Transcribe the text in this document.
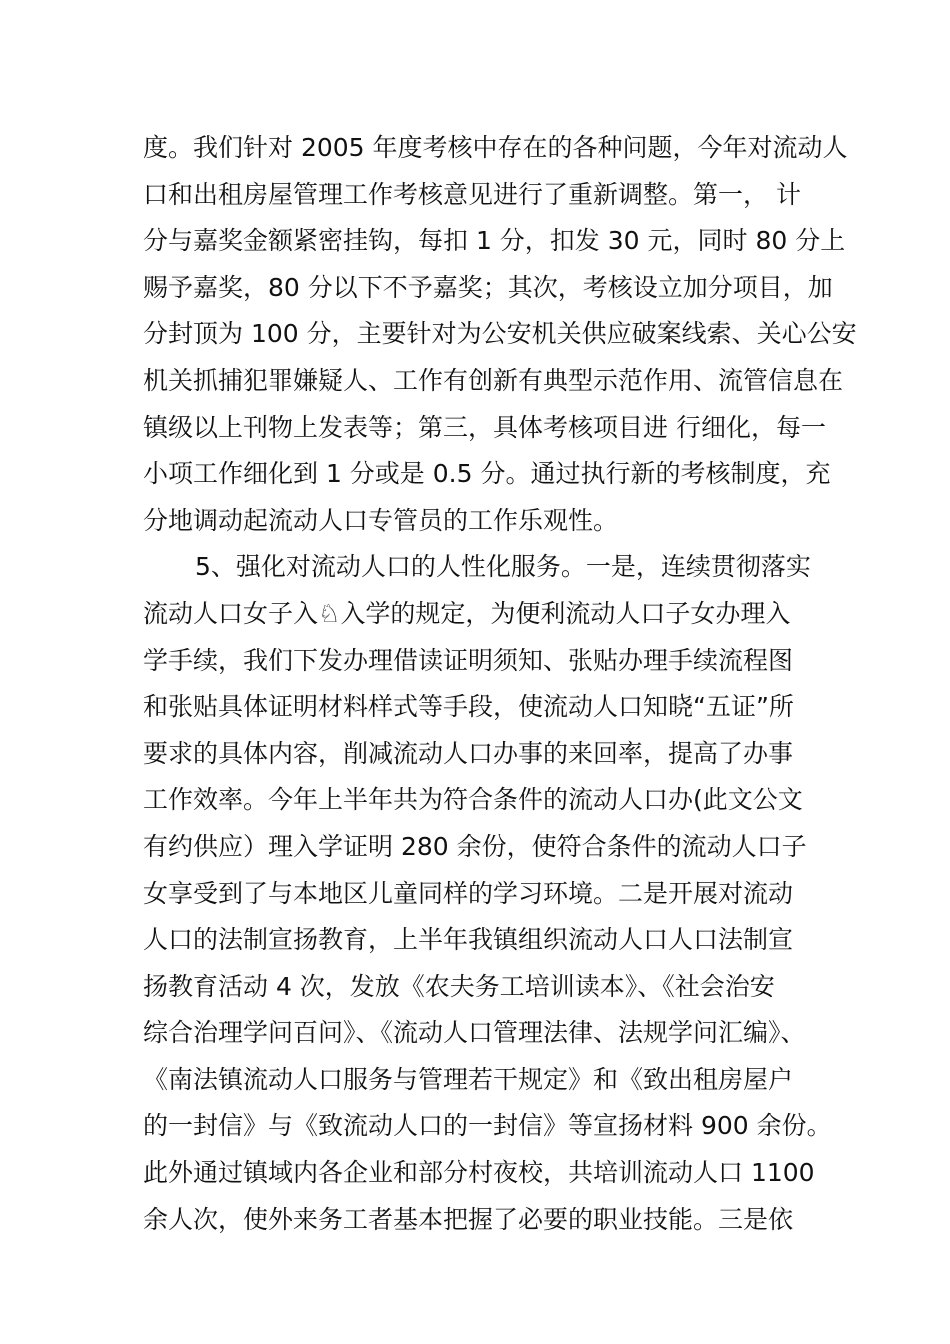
度。我们针对 2005 年度考核中存在的各种问题，今年对流动人
口和出租房屋管理工作考核意见进行了重新调整。第一， 计
分与嘉奖金额紧密挂钩，每扣 1 分，扣发 30 元，同时 80 分上
赐予嘉奖，80 分以下不予嘉奖；其次，考核设立加分项目，加
分封顶为 100 分，主要针对为公安机关供应破案线索、关心公安
机关抓捕犯罪嫌疑人、工作有创新有典型示范作用、流管信息在
镇级以上刊物上发表等；第三，具体考核项目进 行细化，每一
小项工作细化到 1 分或是 0.5 分。通过执行新的考核制度，充
分地调动起流动人口专管员的工作乐观性。
5、强化对流动人口的人性化服务。一是，连续贯彻落实
流动人口女子入♘入学的规定，为便利流动人口子女办理入
学手续，我们下发办理借读证明须知、张贴办理手续流程图
和张贴具体证明材料样式等手段，使流动人口知晓“五证”所
要求的具体内容，削减流动人口办事的来回率，提高了办事
工作效率。今年上半年共为符合条件的流动人口办(此文公文
有约供应）理入学证明 280 余份，使符合条件的流动人口子
女享受到了与本地区儿童同样的学习环境。二是开展对流动
人口的法制宣扬教育，上半年我镇组织流动人口人口法制宣
扬教育活动 4 次，发放《农夫务工培训读本》、《社会治安
综合治理学问百问》、《流动人口管理法律、法规学问汇编》、
《南法镇流动人口服务与管理若干规定》和《致出租房屋户
的一封信》与《致流动人口的一封信》等宣扬材料 900 余份。
此外通过镇域内各企业和部分村夜校，共培训流动人口 1100
余人次，使外来务工者基本把握了必要的职业技能。三是依
